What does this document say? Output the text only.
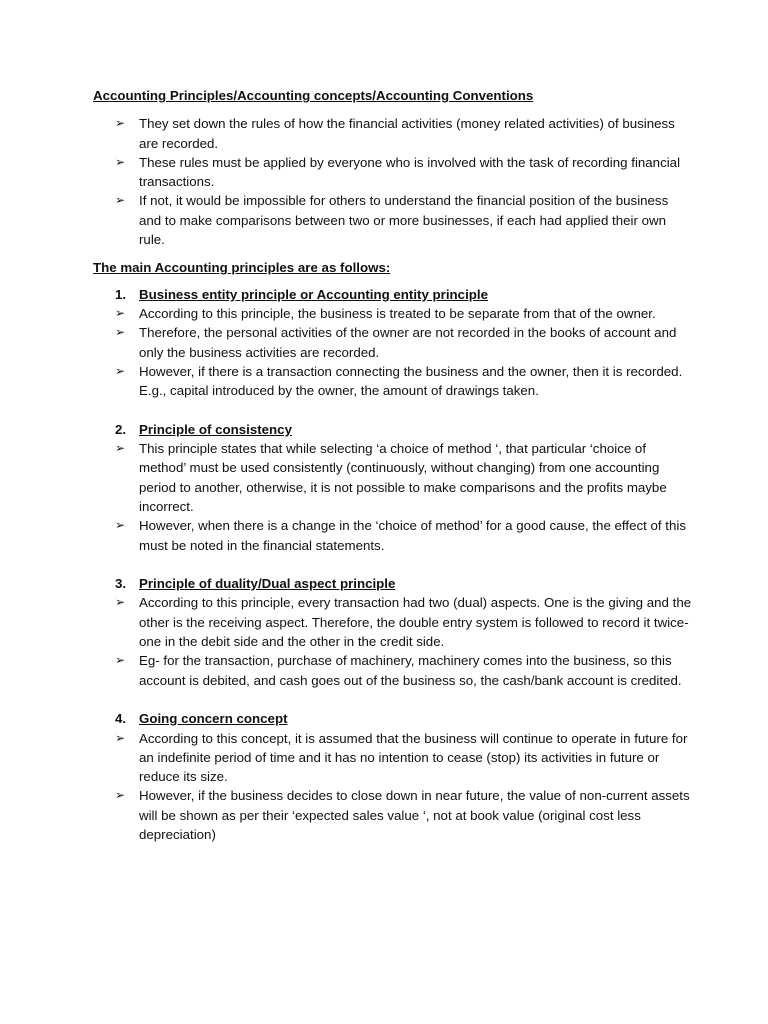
Accounting Principles/Accounting concepts/Accounting Conventions
➢ They set down the rules of how the financial activities (money related activities) of business are recorded.
➢ These rules must be applied by everyone who is involved with the task of recording financial transactions.
➢ If not, it would be impossible for others to understand the financial position of the business and to make comparisons between two or more businesses, if each had applied their own rule.
The main Accounting principles are as follows:
1. Business entity principle or Accounting entity principle
➢ According to this principle, the business is treated to be separate from that of the owner.
➢ Therefore, the personal activities of the owner are not recorded in the books of account and only the business activities are recorded.
➢ However, if there is a transaction connecting the business and the owner, then it is recorded.
E.g., capital introduced by the owner, the amount of drawings taken.
2. Principle of consistency
➢ This principle states that while selecting ‘a choice of method ‘, that particular ‘choice of method’ must be used consistently (continuously, without changing) from one accounting period to another, otherwise, it is not possible to make comparisons and the profits maybe incorrect.
➢ However, when there is a change in the ‘choice of method’ for a good cause, the effect of this must be noted in the financial statements.
3. Principle of duality/Dual aspect principle
➢ According to this principle, every transaction had two (dual) aspects. One is the giving and the other is the receiving aspect. Therefore, the double entry system is followed to record it twice-one in the debit side and the other in the credit side.
➢ Eg- for the transaction, purchase of machinery, machinery comes into the business, so this account is debited, and cash goes out of the business so, the cash/bank account is credited.
4. Going concern concept
➢ According to this concept, it is assumed that the business will continue to operate in future for an indefinite period of time and it has no intention to cease (stop) its activities in future or reduce its size.
➢ However, if the business decides to close down in near future, the value of non-current assets will be shown as per their ‘expected sales value ‘, not at book value (original cost less depreciation)
